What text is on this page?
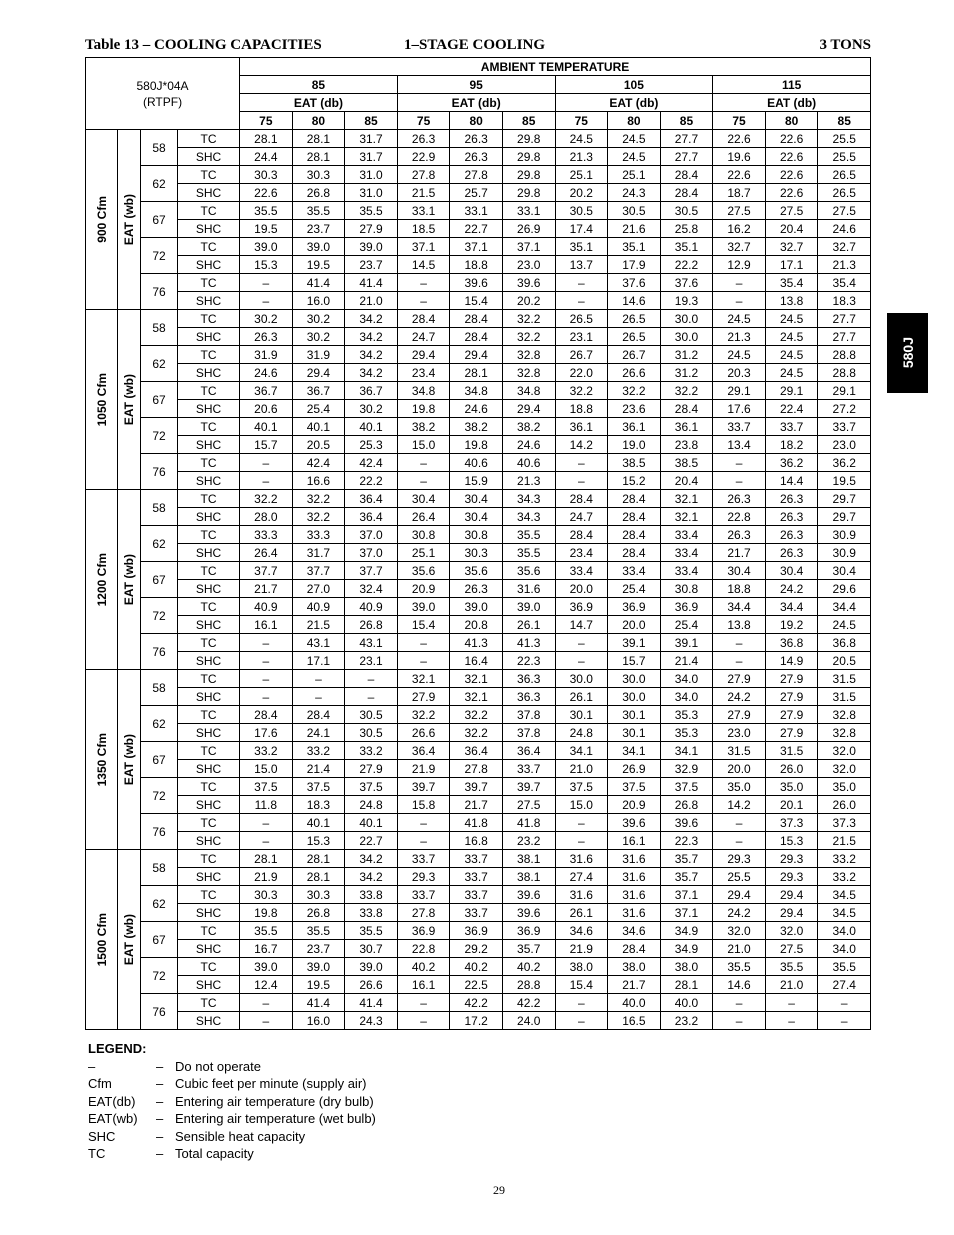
Table 13 – COOLING CAPACITIES	1–STAGE COOLING	3 TONS
580J*04A
(RTPF)				AMBIENT TEMPERATURE											
				85			95			105			115		
				EAT (db)			EAT (db)			EAT (db)			EAT (db)		
				75	80	85	75	80	85	75	80	85	75	80	85

900 Cfm	EAT (wb)	58	TC	28.1	28.1	31.7	26.3	26.3	29.8	24.5	24.5	27.7	22.6	22.6	25.5
			SHC	24.4	28.1	31.7	22.9	26.3	29.8	21.3	24.5	27.7	19.6	22.6	25.5
		62	TC	30.3	30.3	31.0	27.8	27.8	29.8	25.1	25.1	28.4	22.6	22.6	26.5
			SHC	22.6	26.8	31.0	21.5	25.7	29.8	20.2	24.3	28.4	18.7	22.6	26.5
		67	TC	35.5	35.5	35.5	33.1	33.1	33.1	30.5	30.5	30.5	27.5	27.5	27.5
			SHC	19.5	23.7	27.9	18.5	22.7	26.9	17.4	21.6	25.8	16.2	20.4	24.6
		72	TC	39.0	39.0	39.0	37.1	37.1	37.1	35.1	35.1	35.1	32.7	32.7	32.7
			SHC	15.3	19.5	23.7	14.5	18.8	23.0	13.7	17.9	22.2	12.9	17.1	21.3
		76	TC	–	41.4	41.4	–	39.6	39.6	–	37.6	37.6	–	35.4	35.4
			SHC	–	16.0	21.0	–	15.4	20.2	–	14.6	19.3	–	13.8	18.3

1050 Cfm	EAT (wb)	58	TC	30.2	30.2	34.2	28.4	28.4	32.2	26.5	26.5	30.0	24.5	24.5	27.7
			SHC	26.3	30.2	34.2	24.7	28.4	32.2	23.1	26.5	30.0	21.3	24.5	27.7
		62	TC	31.9	31.9	34.2	29.4	29.4	32.8	26.7	26.7	31.2	24.5	24.5	28.8
			SHC	24.6	29.4	34.2	23.4	28.1	32.8	22.0	26.6	31.2	20.3	24.5	28.8
		67	TC	36.7	36.7	36.7	34.8	34.8	34.8	32.2	32.2	32.2	29.1	29.1	29.1
			SHC	20.6	25.4	30.2	19.8	24.6	29.4	18.8	23.6	28.4	17.6	22.4	27.2
		72	TC	40.1	40.1	40.1	38.2	38.2	38.2	36.1	36.1	36.1	33.7	33.7	33.7
			SHC	15.7	20.5	25.3	15.0	19.8	24.6	14.2	19.0	23.8	13.4	18.2	23.0
		76	TC	–	42.4	42.4	–	40.6	40.6	–	38.5	38.5	–	36.2	36.2
			SHC	–	16.6	22.2	–	15.9	21.3	–	15.2	20.4	–	14.4	19.5

1200 Cfm	EAT (wb)	58	TC	32.2	32.2	36.4	30.4	30.4	34.3	28.4	28.4	32.1	26.3	26.3	29.7
			SHC	28.0	32.2	36.4	26.4	30.4	34.3	24.7	28.4	32.1	22.8	26.3	29.7
		62	TC	33.3	33.3	37.0	30.8	30.8	35.5	28.4	28.4	33.4	26.3	26.3	30.9
			SHC	26.4	31.7	37.0	25.1	30.3	35.5	23.4	28.4	33.4	21.7	26.3	30.9
		67	TC	37.7	37.7	37.7	35.6	35.6	35.6	33.4	33.4	33.4	30.4	30.4	30.4
			SHC	21.7	27.0	32.4	20.9	26.3	31.6	20.0	25.4	30.8	18.8	24.2	29.6
		72	TC	40.9	40.9	40.9	39.0	39.0	39.0	36.9	36.9	36.9	34.4	34.4	34.4
			SHC	16.1	21.5	26.8	15.4	20.8	26.1	14.7	20.0	25.4	13.8	19.2	24.5
		76	TC	–	43.1	43.1	–	41.3	41.3	–	39.1	39.1	–	36.8	36.8
			SHC	–	17.1	23.1	–	16.4	22.3	–	15.7	21.4	–	14.9	20.5

1350 Cfm	EAT (wb)	58	TC	–	–	–	32.1	32.1	36.3	30.0	30.0	34.0	27.9	27.9	31.5
			SHC	–	–	–	27.9	32.1	36.3	26.1	30.0	34.0	24.2	27.9	31.5
		62	TC	28.4	28.4	30.5	32.2	32.2	37.8	30.1	30.1	35.3	27.9	27.9	32.8
			SHC	17.6	24.1	30.5	26.6	32.2	37.8	24.8	30.1	35.3	23.0	27.9	32.8
		67	TC	33.2	33.2	33.2	36.4	36.4	36.4	34.1	34.1	34.1	31.5	31.5	32.0
			SHC	15.0	21.4	27.9	21.9	27.8	33.7	21.0	26.9	32.9	20.0	26.0	32.0
		72	TC	37.5	37.5	37.5	39.7	39.7	39.7	37.5	37.5	37.5	35.0	35.0	35.0
			SHC	11.8	18.3	24.8	15.8	21.7	27.5	15.0	20.9	26.8	14.2	20.1	26.0
		76	TC	–	40.1	40.1	–	41.8	41.8	–	39.6	39.6	–	37.3	37.3
			SHC	–	15.3	22.7	–	16.8	23.2	–	16.1	22.3	–	15.3	21.5

1500 Cfm	EAT (wb)	58	TC	28.1	28.1	34.2	33.7	33.7	38.1	31.6	31.6	35.7	29.3	29.3	33.2
			SHC	21.9	28.1	34.2	29.3	33.7	38.1	27.4	31.6	35.7	25.5	29.3	33.2
		62	TC	30.3	30.3	33.8	33.7	33.7	39.6	31.6	31.6	37.1	29.4	29.4	34.5
			SHC	19.8	26.8	33.8	27.8	33.7	39.6	26.1	31.6	37.1	24.2	29.4	34.5
		67	TC	35.5	35.5	35.5	36.9	36.9	36.9	34.6	34.6	34.9	32.0	32.0	34.0
			SHC	16.7	23.7	30.7	22.8	29.2	35.7	21.9	28.4	34.9	21.0	27.5	34.0
		72	TC	39.0	39.0	39.0	40.2	40.2	40.2	38.0	38.0	38.0	35.5	35.5	35.5
			SHC	12.4	19.5	26.6	16.1	22.5	28.8	15.4	21.7	28.1	14.6	21.0	27.4
		76	TC	–	41.4	41.4	–	42.2	42.2	–	40.0	40.0	–	–	–
			SHC	–	16.0	24.3	–	17.2	24.0	–	16.5	23.2	–	–	–
580J
LEGEND:
–	– Do not operate
Cfm	– Cubic feet per minute (supply air)
EAT(db) – Entering air temperature (dry bulb)
EAT(wb) – Entering air temperature (wet bulb)
SHC	– Sensible heat capacity
TC	– Total capacity
29
